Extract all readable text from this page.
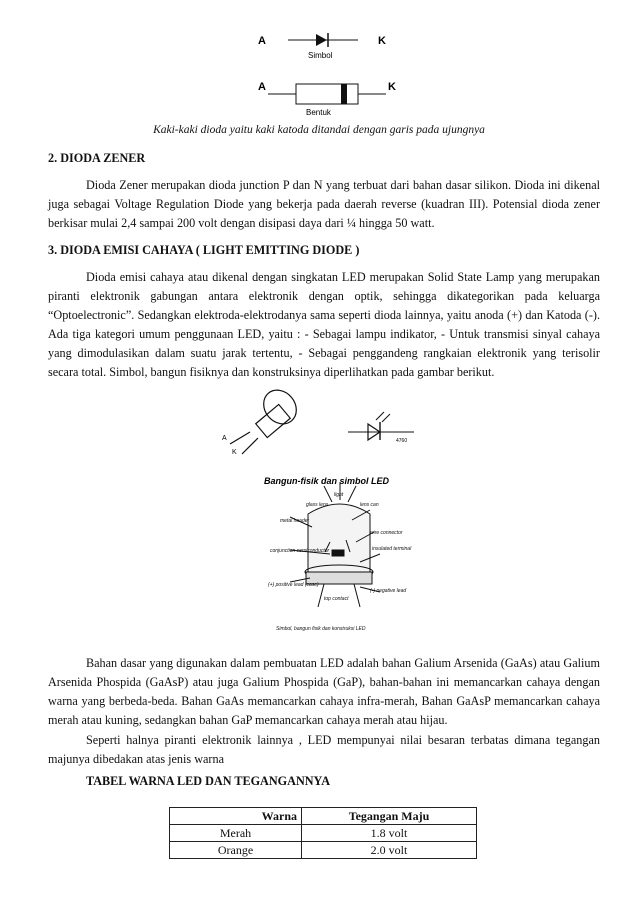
A	K
Simbol
A	K
Bentuk
Kaki-kaki dioda yaitu kaki katoda ditandai dengan garis pada ujungnya
2. DIODA ZENER

Dioda Zener merupakan dioda junction P dan N yang terbuat dari bahan dasar silikon. Dioda ini dikenal juga sebagai Voltage Regulation Diode yang bekerja pada daerah reverse (kuadran III). Potensial dioda zener berkisar mulai 2,4 sampai 200 volt dengan disipasi daya dari ¼ hingga 50 watt.

3. DIODA EMISI CAHAYA ( LIGHT EMITTING DIODE )

Dioda emisi cahaya atau dikenal dengan singkatan LED merupakan Solid State Lamp yang merupakan piranti elektronik gabungan antara elektronik dengan optik, sehingga dikategorikan pada keluarga “Optoelectronic”. Sedangkan elektroda-elektrodanya sama seperti dioda lainnya, yaitu anoda (+) dan Katoda (-). Ada tiga kategori umum penggunaan LED, yaitu : - Sebagai lampu indikator, - Untuk transmisi sinyal cahaya yang dimodulasikan dalam suatu jarak tertentu, - Sebagai penggandeng rangkaian elektronik yang terisolir secara total. Simbol, bangun fisiknya dan konstruksinya diperlihatkan pada gambar berikut.

A
K
Bangun-fisik dan simbol LED
glass lens
light
lens can
metal header
wire connector
insulated terminal
conjunction semiconductor
(+) positive lead (case)
(-) negative lead
top contact
Simbol, bangun fisik dan konstruksi LED
4760

Bahan dasar yang digunakan dalam pembuatan LED adalah bahan Galium Arsenida (GaAs) atau Galium Arsenida Phospida (GaAsP) atau juga Galium Phospida (GaP), bahan-bahan ini memancarkan cahaya dengan warna yang berbeda-beda. Bahan GaAs memancarkan cahaya infra-merah, Bahan GaAsP memancarkan cahaya merah atau kuning, sedangkan bahan GaP memancarkan cahaya merah atau hijau.

Seperti halnya piranti elektronik lainnya , LED mempunyai nilai besaran terbatas dimana tegangan majunya dibedakan atas jenis warna

TABEL WARNA LED DAN TEGANGANNYA
Warna	Tegangan Maju
Merah	1.8 volt
Orange	2.0 volt
